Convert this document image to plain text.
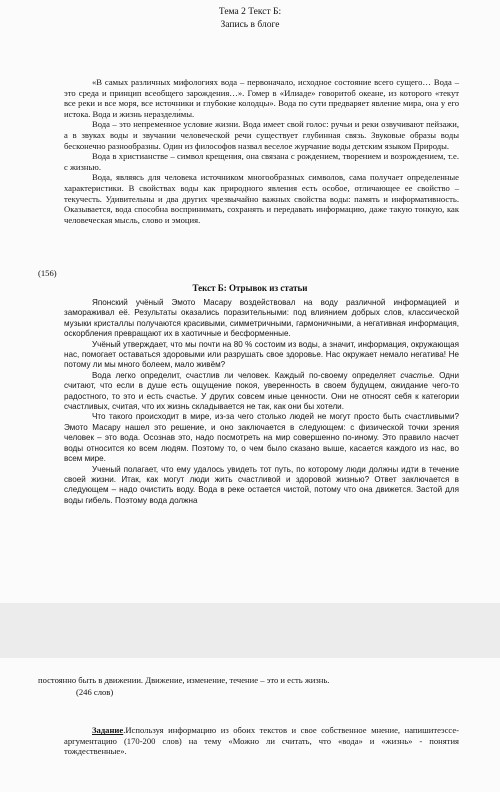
Тема 2 Текст Б:
Запись в блоге

«В самых различных мифологиях вода – первоначало, исходное состояние всего сущего… Вода – это среда и принцип всеобщего зарождения…». Гомер в «Илиаде» говоритоб океане, из которого «текут все реки и все моря, все источники и глубокие колодцы». Вода по сути предваряет явление мира, она у его истока. Вода и жизнь нераздели́мы.

Вода – это непременное условие жизни. Вода имеет свой голос: ручьи и реки озвучивают пейзажи, а в звуках воды и звучании человеческой речи существует глубинная связь. Звуковые образы воды бесконечно разнообразны. Один из философов назвал веселое журчание воды детским языком Природы.

Вода в христианстве – символ крещения, она связана с рождением, творением и возрождением, т.е. с жизнью.

Вода, являясь для человека источником многообразных символов, сама получает определенные характеристики. В свойствах воды как природного явления есть особое, отличающее ее свойство – текучесть. Удивительны и два других чрезвычайно важных свойства воды: память и информативность. Оказывается, вода способна воспринимать, сохранять и передавать информацию, даже такую тонкую, как человеческая мысль, слово и эмоция.

(156)
Текст Б: Отрывок из статьи

Японский учёный Эмото Масару воздействовал на воду различной информацией и замораживал её. Результаты оказались поразительными: под влиянием добрых слов, классической музыки кристаллы получаются красивыми, симметричными, гармоничными, а негативная информация, оскорбления превращают их в хаотичные и бесформенные.

Учёный утверждает, что мы почти на 80 % состоим из воды, а значит, информация, окружающая нас, помогает оставаться здоровыми или разрушать свое здоровье. Нас окружает немало негатива! Не потому ли мы много болеем, мало живём?

Вода легко определит, счастлив ли человек. Каждый по-своему определяет счастье. Одни считают, что если в душе есть ощущение покоя, уверенность в своем будущем, ожидание чего-то радостного, то это и есть счастье. У других совсем иные ценности. Они не относят себя к категории счастливых, считая, что их жизнь складывается не так, как они бы хотели.

Что такого происходит в мире, из-за чего столько людей не могут просто быть счастливыми? Эмото Масару нашел это решение, и оно заключается в следующем: с физической точки зрения человек – это вода. Осознав это, надо посмотреть на мир совершенно по-иному. Это правило насчет воды относится ко всем людям. Поэтому то, о чем было сказано выше, касается каждого из нас, во всем мире.

Ученый полагает, что ему удалось увидеть тот путь, по которому люди должны идти в течение своей жизни. Итак, как могут люди жить счастливой и здоровой жизнью? Ответ заключается в следующем – надо очистить воду. Вода в реке остается чистой, потому что она движется. Застой для воды гибель. Поэтому вода должна

постоянно быть в движении. Движение, изменение, течение – это и есть жизнь.
(246 слов)

Задание.Используя информацию из обоих текстов и свое собственное мнение, напишитеэссе-аргументацию (170-200 слов) на тему «Можно ли считать, что «вода» и «жизнь» - понятия тождественные».
